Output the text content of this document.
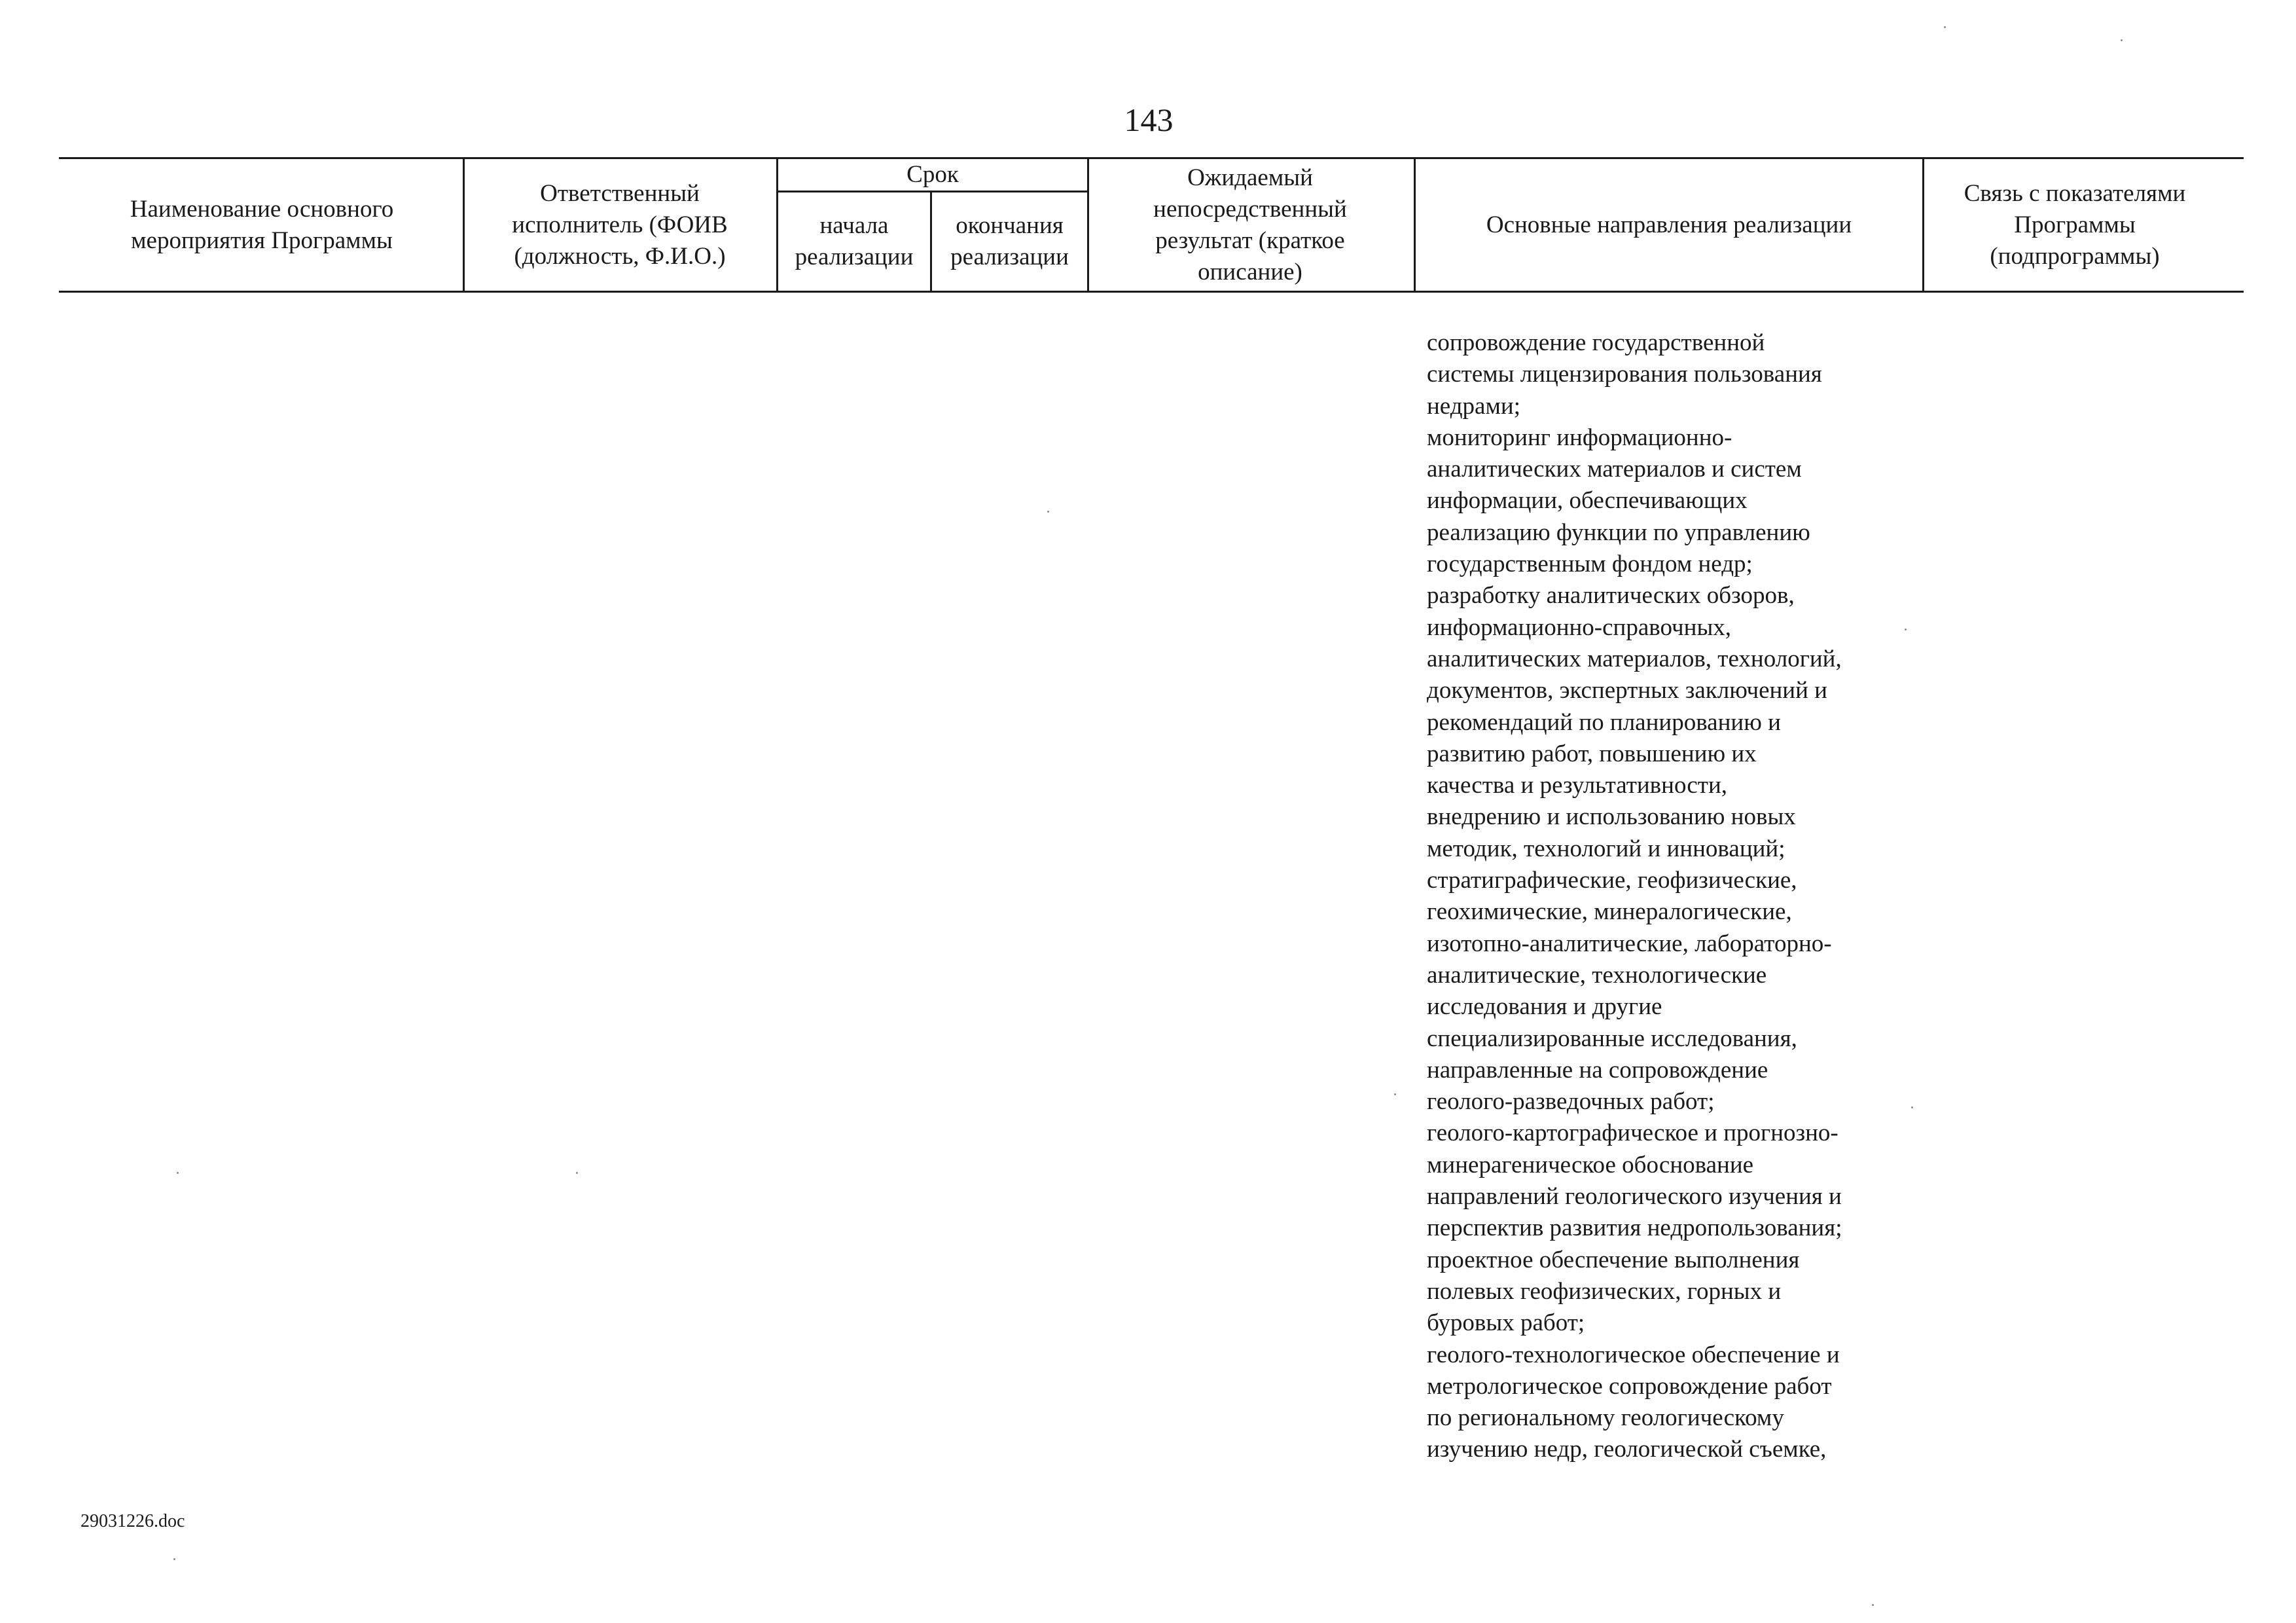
143
Наименование основного мероприятия Программы
Ответственный исполнитель (ФОИВ (должность, Ф.И.О.)
Срок
начала реализации
окончания реализации
Ожидаемый непосредственный результат (краткое описание)
Основные направления реализации
Связь с показателями Программы (подпрограммы)
сопровождение государственной
системы лицензирования пользования
недрами;
мониторинг информационно-
аналитических материалов и систем
информации, обеспечивающих
реализацию функции по управлению
государственным фондом недр;
разработку аналитических обзоров,
информационно-справочных,
аналитических материалов, технологий,
документов, экспертных заключений и
рекомендаций по планированию и
развитию работ, повышению их
качества и результативности,
внедрению и использованию новых
методик, технологий и инноваций;
стратиграфические, геофизические,
геохимические, минералогические,
изотопно-аналитические, лабораторно-
аналитические, технологические
исследования и другие
специализированные исследования,
направленные на сопровождение
геолого-разведочных работ;
геолого-картографическое и прогнозно-
минерагеническое обоснование
направлений геологического изучения и
перспектив развития недропользования;
проектное обеспечение выполнения
полевых геофизических, горных и
буровых работ;
геолого-технологическое обеспечение и
метрологическое сопровождение работ
по региональному геологическому
изучению недр, геологической съемке,
29031226.doc
